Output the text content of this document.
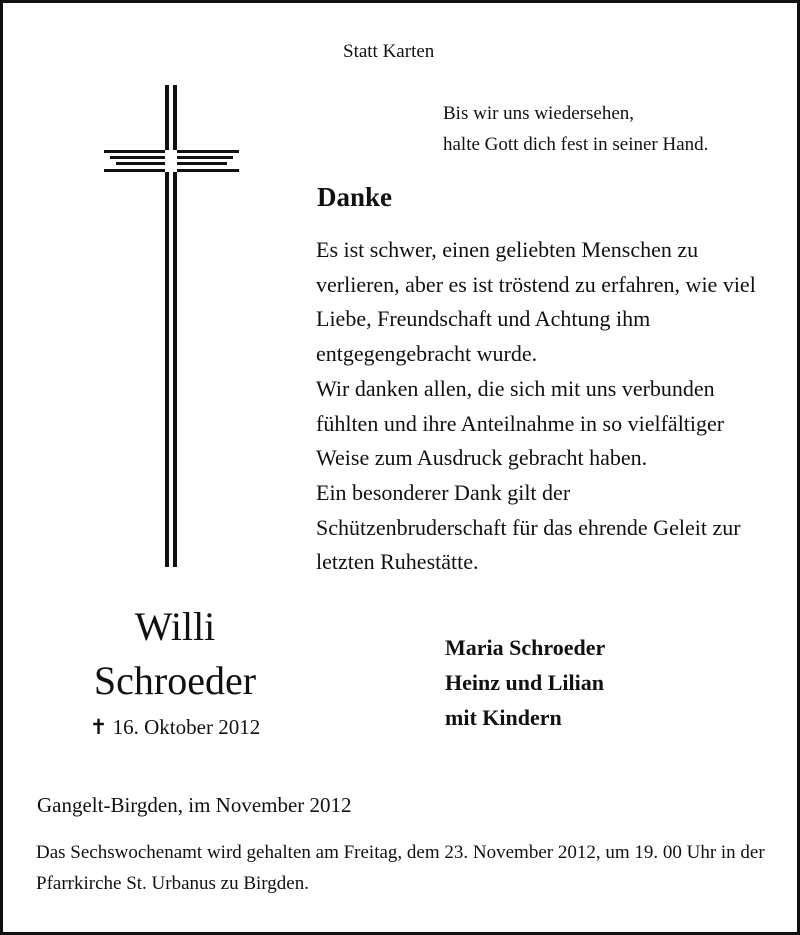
Statt Karten
Bis wir uns wiedersehen,
halte Gott dich fest in seiner Hand.
Danke

Es ist schwer, einen geliebten Menschen zu verlieren, aber es ist tröstend zu erfahren, wie viel Liebe, Freundschaft und Achtung ihm entgegengebracht wurde.

Wir danken allen, die sich mit uns verbunden fühlten und ihre Anteilnahme in so vielfältiger Weise zum Ausdruck gebracht haben.

Ein besonderer Dank gilt der Schützenbruderschaft für das ehrende Geleit zur letzten Ruhestätte.

Maria Schroeder
Heinz und Lilian
mit Kindern
Willi
Schroeder
✝ 16. Oktober 2012
Gangelt-Birgden, im November 2012
Das Sechswochenamt wird gehalten am Freitag, dem 23. November 2012, um 19. 00 Uhr in der Pfarrkirche St. Urbanus zu Birgden.
